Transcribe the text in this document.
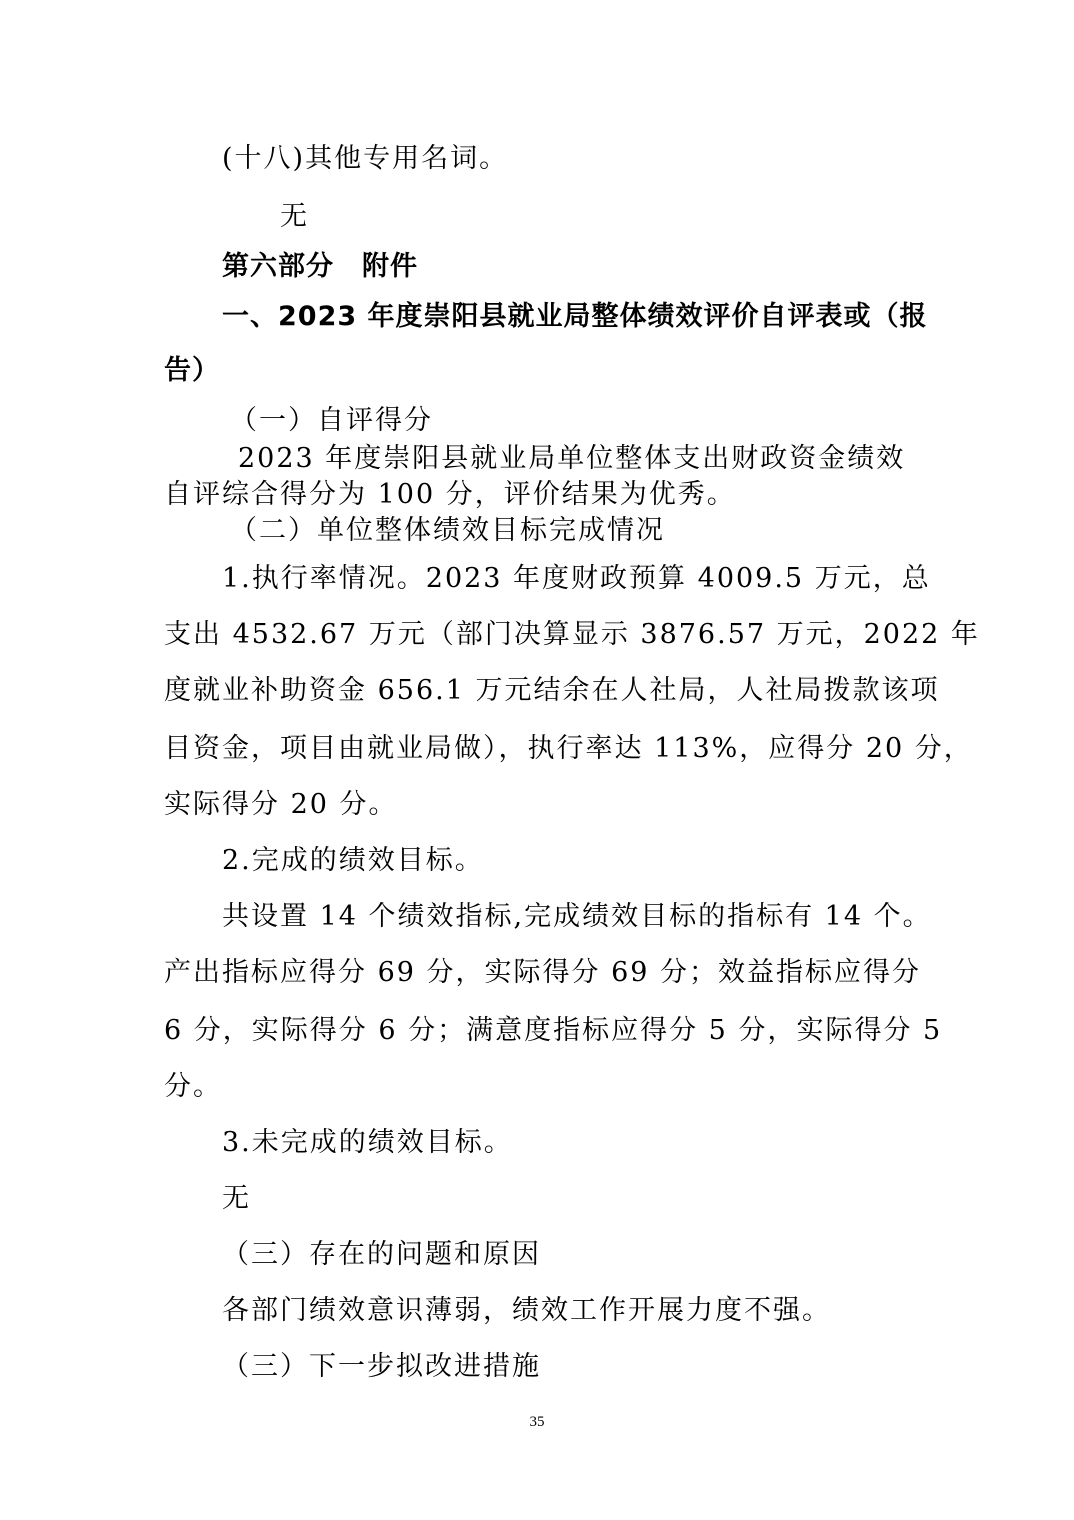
(十八)其他专用名词。
无
第六部分　附件
一、2023 年度崇阳县就业局整体绩效评价自评表或（报
告）
（一）自评得分
2023 年度崇阳县就业局单位整体支出财政资金绩效
自评综合得分为 100 分，评价结果为优秀。
（二）单位整体绩效目标完成情况
1.执行率情况。2023 年度财政预算 4009.5 万元，总
支出 4532.67 万元（部门决算显示 3876.57 万元，2022 年
度就业补助资金 656.1 万元结余在人社局，人社局拨款该项
目资金，项目由就业局做），执行率达 113%，应得分 20 分，
实际得分 20 分。
2.完成的绩效目标。
共设置 14 个绩效指标,完成绩效目标的指标有 14 个。
产出指标应得分 69 分，实际得分 69 分；效益指标应得分
6 分，实际得分 6 分；满意度指标应得分 5 分，实际得分 5
分。
3.未完成的绩效目标。
无
（三）存在的问题和原因
各部门绩效意识薄弱，绩效工作开展力度不强。
（三）下一步拟改进措施
35
